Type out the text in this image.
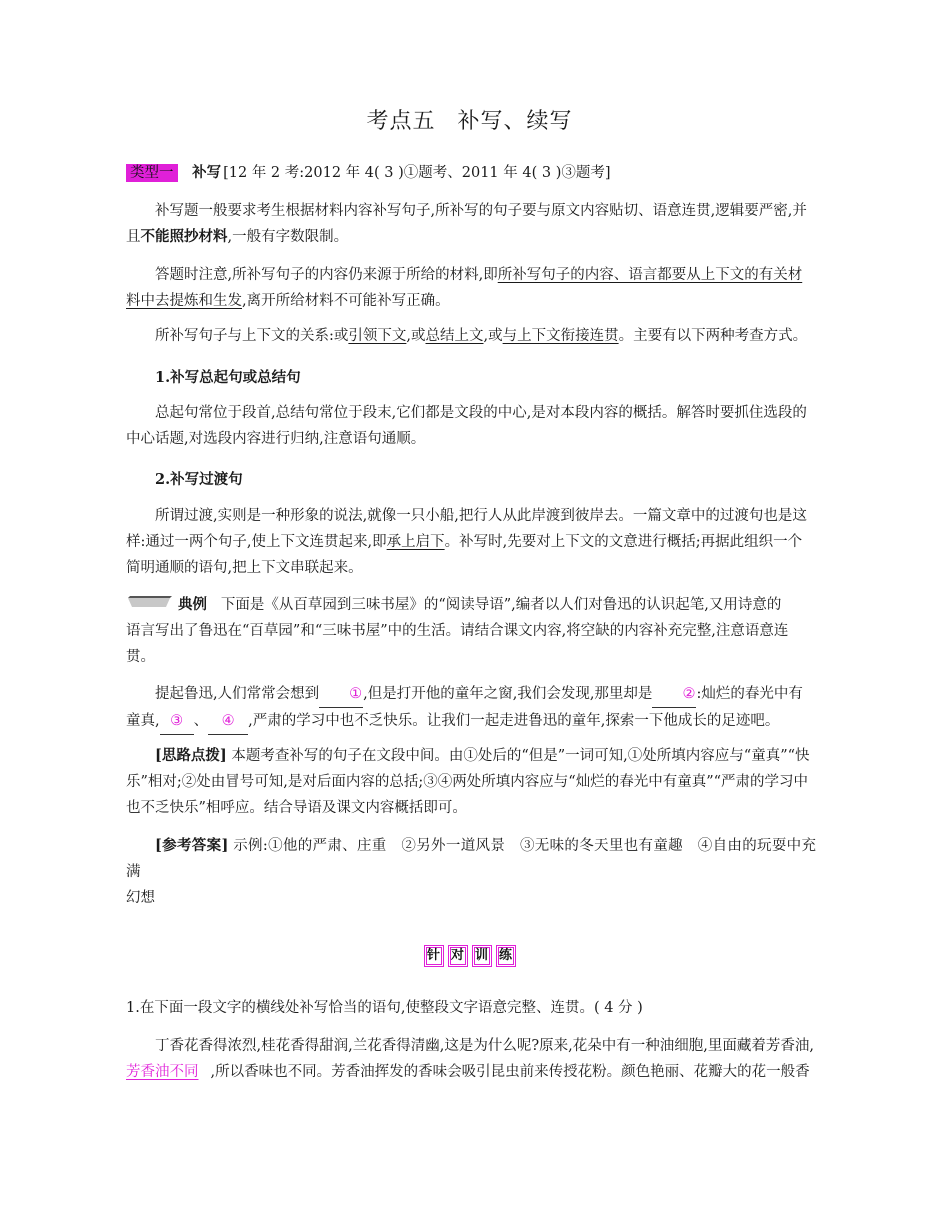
考点五 补写、续写
类型一 补写 [12 年 2 考:2012 年 4( 3 )①题考、2011 年 4( 3 )③题考]
补写题一般要求考生根据材料内容补写句子,所补写的句子要与原文内容贴切、语意连贯,逻辑要严密,并
且不能照抄材料,一般有字数限制。
答题时注意,所补写句子的内容仍来源于所给的材料,即所补写句子的内容、语言都要从上下文的有关材
料中去提炼和生发,离开所给材料不可能补写正确。
所补写句子与上下文的关系:或引领下文,或总结上文,或与上下文衔接连贯。主要有以下两种考查方式。
1.补写总起句或总结句
总起句常位于段首,总结句常位于段末,它们都是文段的中心,是对本段内容的概括。解答时要抓住选段的
中心话题,对选段内容进行归纳,注意语句通顺。
2.补写过渡句
所谓过渡,实则是一种形象的说法,就像一只小船,把行人从此岸渡到彼岸去。一篇文章中的过渡句也是这
样:通过一两个句子,使上下文连贯起来,即承上启下。补写时,先要对上下文的文意进行概括;再据此组织一个
简明通顺的语句,把上下文串联起来。
典例 下面是《从百草园到三味书屋》的“阅读导语”,编者以人们对鲁迅的认识起笔,又用诗意的
语言写出了鲁迅在“百草园”和“三味书屋”中的生活。请结合课文内容,将空缺的内容补充完整,注意语意连
贯。
提起鲁迅,人们常常会想到 ①,但是打开他的童年之窗,我们会发现,那里却是 ②:灿烂的春光中有
童真, ③ 、 ④ ,严肃的学习中也不乏快乐。让我们一起走进鲁迅的童年,探索一下他成长的足迹吧。
[思路点拨] 本题考查补写的句子在文段中间。由①处后的“但是”一词可知,①处所填内容应与“童真”“快
乐”相对;②处由冒号可知,是对后面内容的总括;③④两处所填内容应与“灿烂的春光中有童真”“严肃的学习中
也不乏快乐”相呼应。结合导语及课文内容概括即可。
[参考答案] 示例:①他的严肃、庄重　②另外一道风景　③无味的冬天里也有童趣　④自由的玩耍中充满
幻想
针 对 训 练
1.在下面一段文字的横线处补写恰当的语句,使整段文字语意完整、连贯。( 4 分 )
丁香花香得浓烈,桂花香得甜润,兰花香得清幽,这是为什么呢?原来,花朵中有一种油细胞,里面藏着芳香油,
芳香油不同 ,所以香味也不同。芳香油挥发的香味会吸引昆虫前来传授花粉。颜色艳丽、花瓣大的花一般香
